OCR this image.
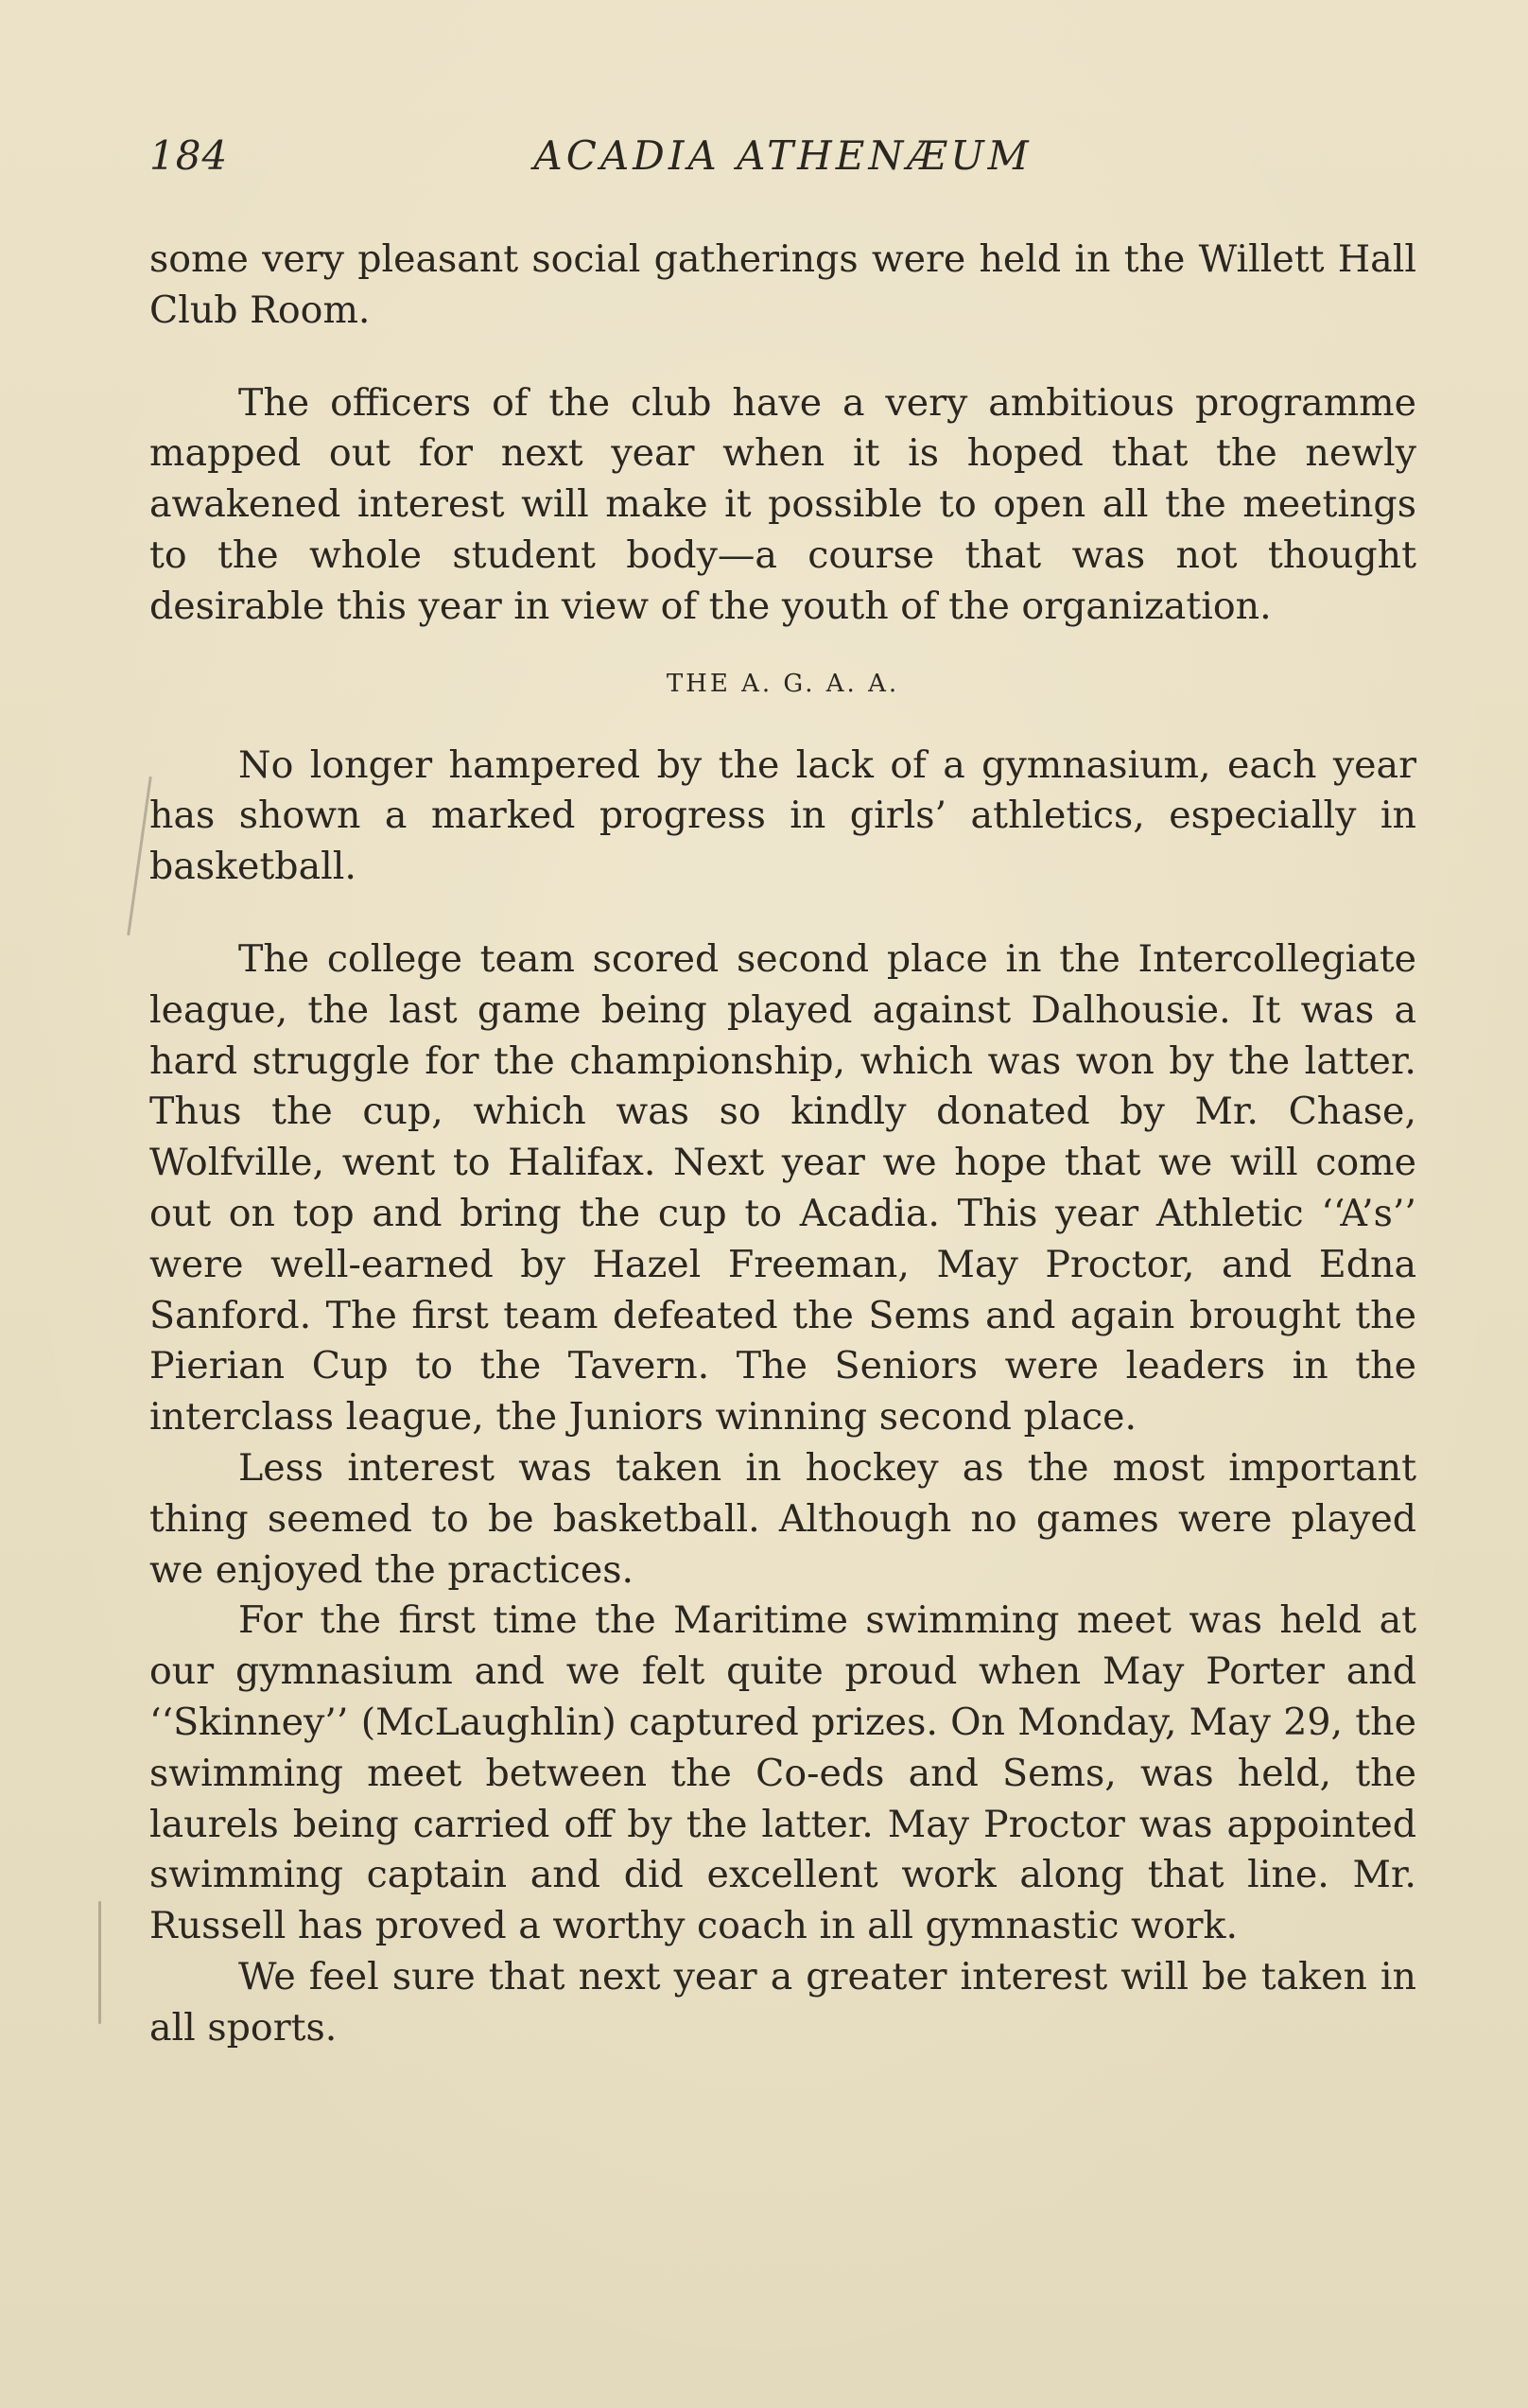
184	ACADIA ATHENÆUM

some very pleasant social gatherings were held in the Willett Hall Club Room.

The officers of the club have a very ambitious programme mapped out for next year when it is hoped that the newly awakened interest will make it possible to open all the meetings to the whole student body—a course that was not thought desirable this year in view of the youth of the organization.

THE A. G. A. A.

No longer hampered by the lack of a gymnasium, each year has shown a marked progress in girls’ athletics, especially in basketball.

The college team scored second place in the Intercollegiate league, the last game being played against Dalhousie. It was a hard struggle for the championship, which was won by the latter. Thus the cup, which was so kindly donated by Mr. Chase, Wolfville, went to Halifax. Next year we hope that we will come out on top and bring the cup to Acadia. This year Athletic ‘‘A’s’’ were well-earned by Hazel Freeman, May Proctor, and Edna Sanford. The first team defeated the Sems and again brought the Pierian Cup to the Tavern. The Seniors were leaders in the interclass league, the Juniors winning second place.

Less interest was taken in hockey as the most important thing seemed to be basketball. Although no games were played we enjoyed the practices.

For the first time the Maritime swimming meet was held at our gymnasium and we felt quite proud when May Porter and ‘‘Skinney’’ (McLaughlin) captured prizes. On Monday, May 29, the swimming meet between the Co-eds and Sems, was held, the laurels being carried off by the latter. May Proctor was appointed swimming captain and did excellent work along that line. Mr. Russell has proved a worthy coach in all gymnastic work.

We feel sure that next year a greater interest will be taken in all sports.
